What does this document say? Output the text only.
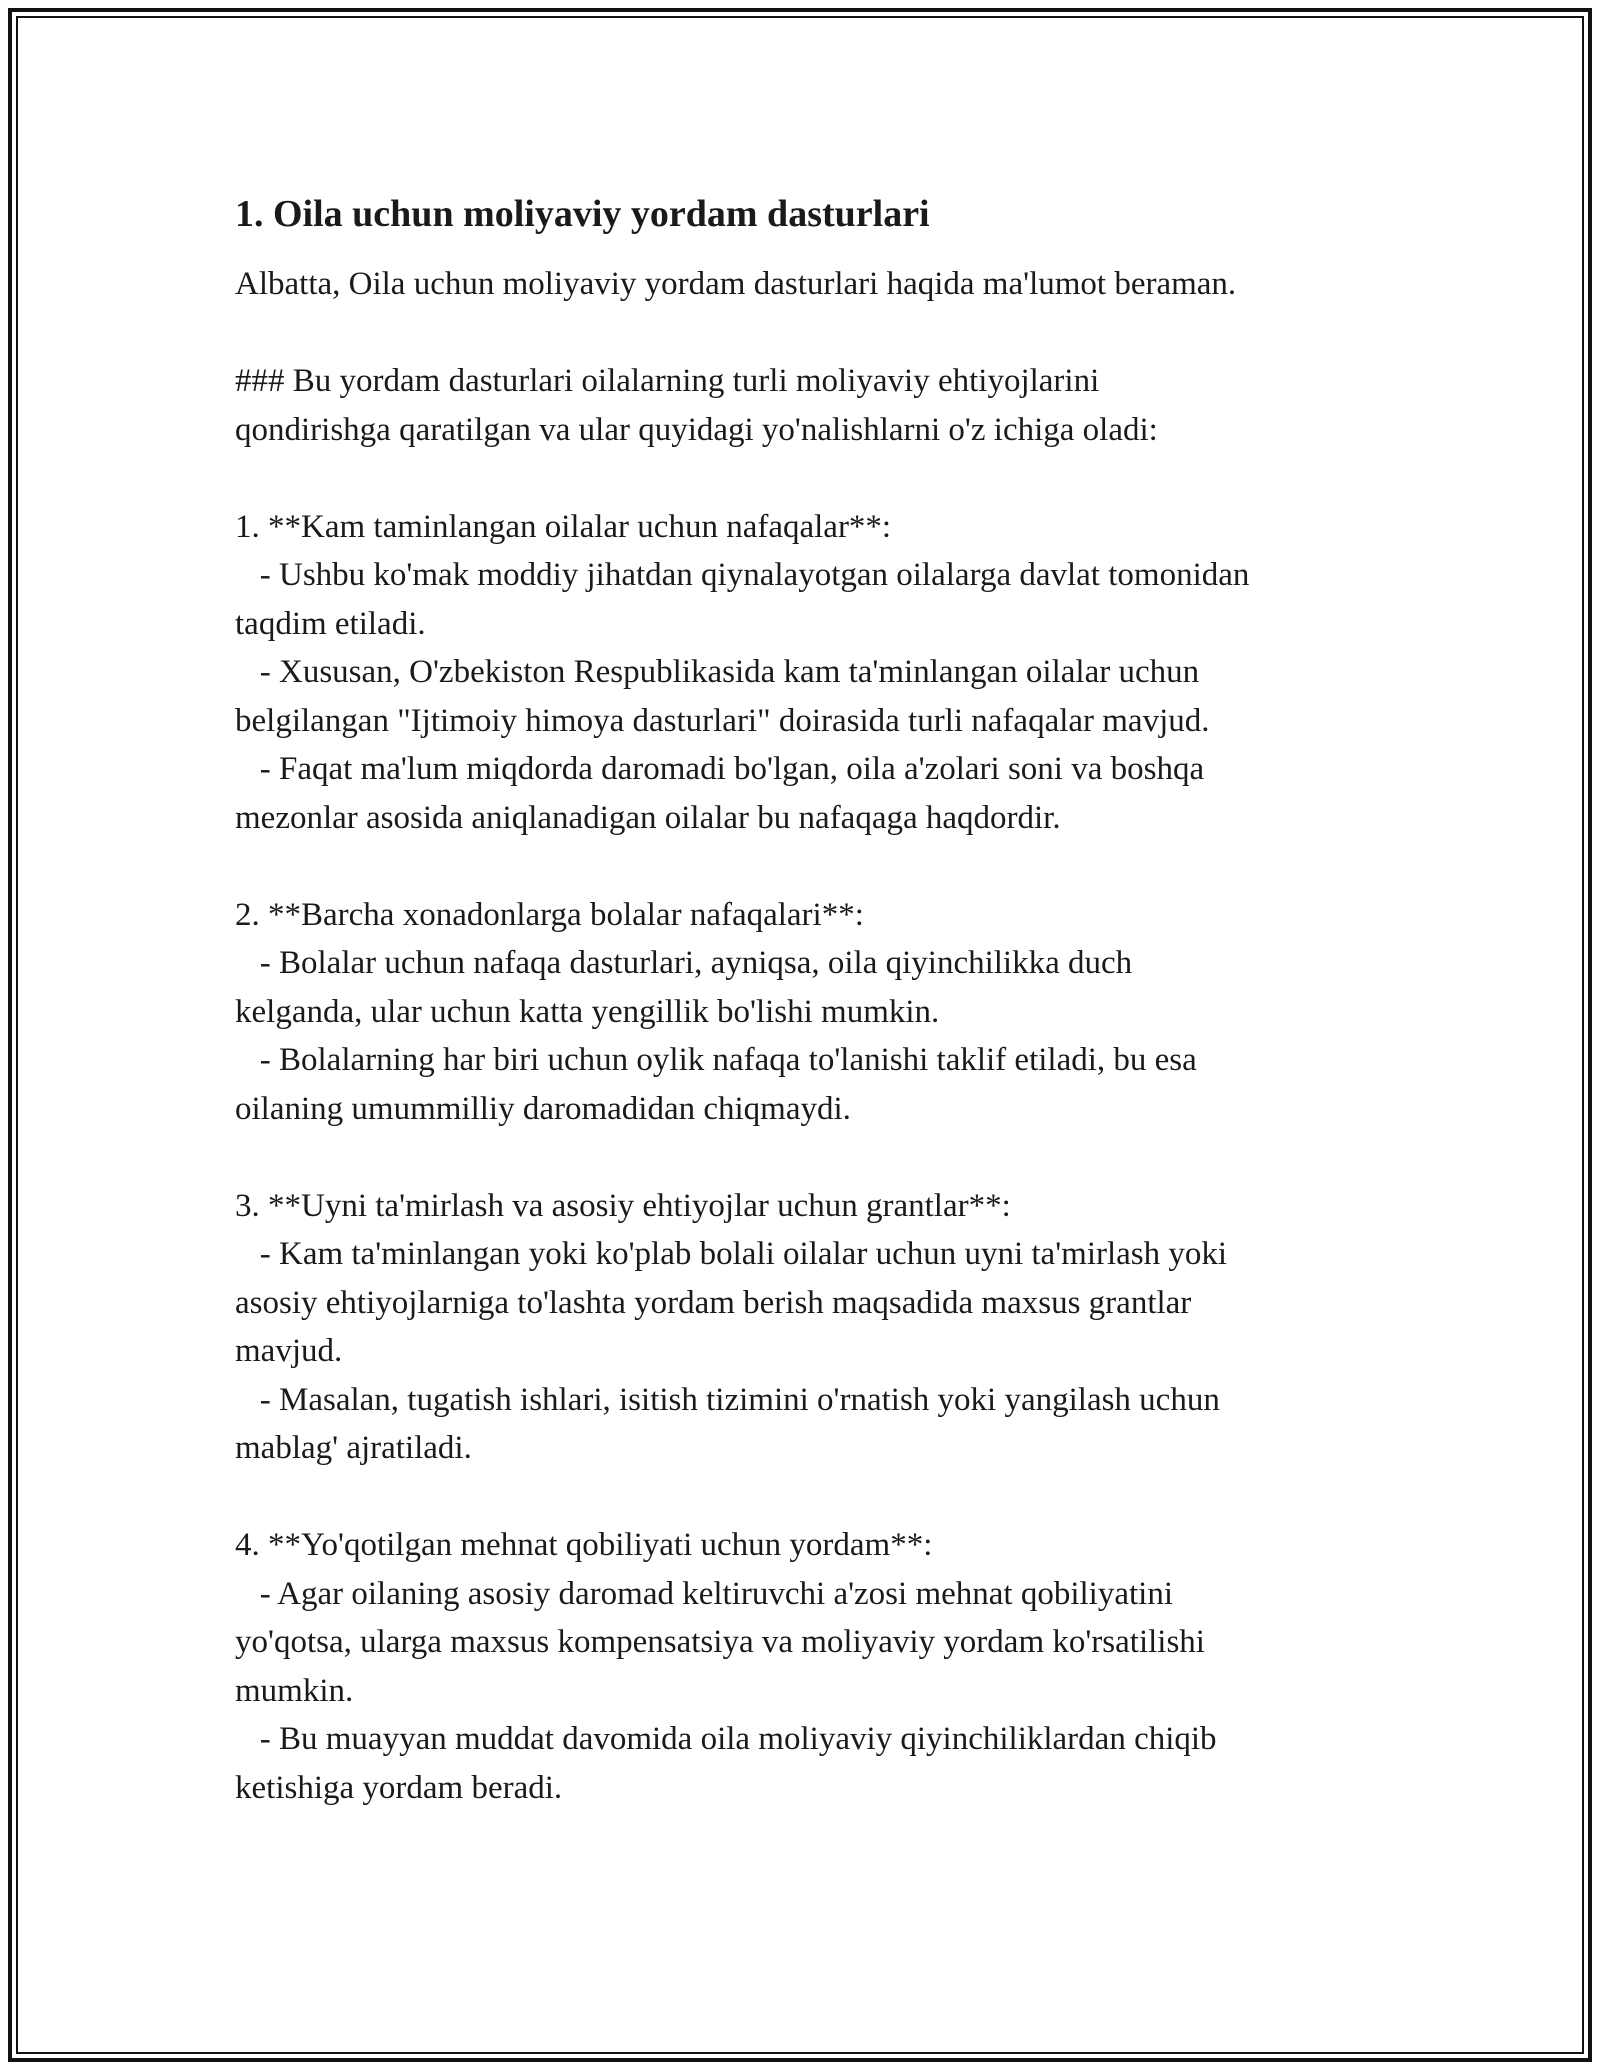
1. Oila uchun moliyaviy yordam dasturlari

Albatta, Oila uchun moliyaviy yordam dasturlari haqida ma'lumot beraman.

### Bu yordam dasturlari oilalarning turli moliyaviy ehtiyojlarini

qondirishga qaratilgan va ular quyidagi yo'nalishlarni o'z ichiga oladi:

1. **Kam taminlangan oilalar uchun nafaqalar**:

- Ushbu ko'mak moddiy jihatdan qiynalayotgan oilalarga davlat tomonidan

taqdim etiladi.

- Xususan, O'zbekiston Respublikasida kam ta'minlangan oilalar uchun

belgilangan "Ijtimoiy himoya dasturlari" doirasida turli nafaqalar mavjud.

- Faqat ma'lum miqdorda daromadi bo'lgan, oila a'zolari soni va boshqa

mezonlar asosida aniqlanadigan oilalar bu nafaqaga haqdordir.

2. **Barcha xonadonlarga bolalar nafaqalari**:

- Bolalar uchun nafaqa dasturlari, ayniqsa, oila qiyinchilikka duch

kelganda, ular uchun katta yengillik bo'lishi mumkin.

- Bolalarning har biri uchun oylik nafaqa to'lanishi taklif etiladi, bu esa

oilaning umummilliy daromadidan chiqmaydi.

3. **Uyni ta'mirlash va asosiy ehtiyojlar uchun grantlar**:

- Kam ta'minlangan yoki ko'plab bolali oilalar uchun uyni ta'mirlash yoki

asosiy ehtiyojlarniga to'lashta yordam berish maqsadida maxsus grantlar

mavjud.

- Masalan, tugatish ishlari, isitish tizimini o'rnatish yoki yangilash uchun

mablag' ajratiladi.

4. **Yo'qotilgan mehnat qobiliyati uchun yordam**:

- Agar oilaning asosiy daromad keltiruvchi a'zosi mehnat qobiliyatini

yo'qotsa, ularga maxsus kompensatsiya va moliyaviy yordam ko'rsatilishi

mumkin.

- Bu muayyan muddat davomida oila moliyaviy qiyinchiliklardan chiqib

ketishiga yordam beradi.
